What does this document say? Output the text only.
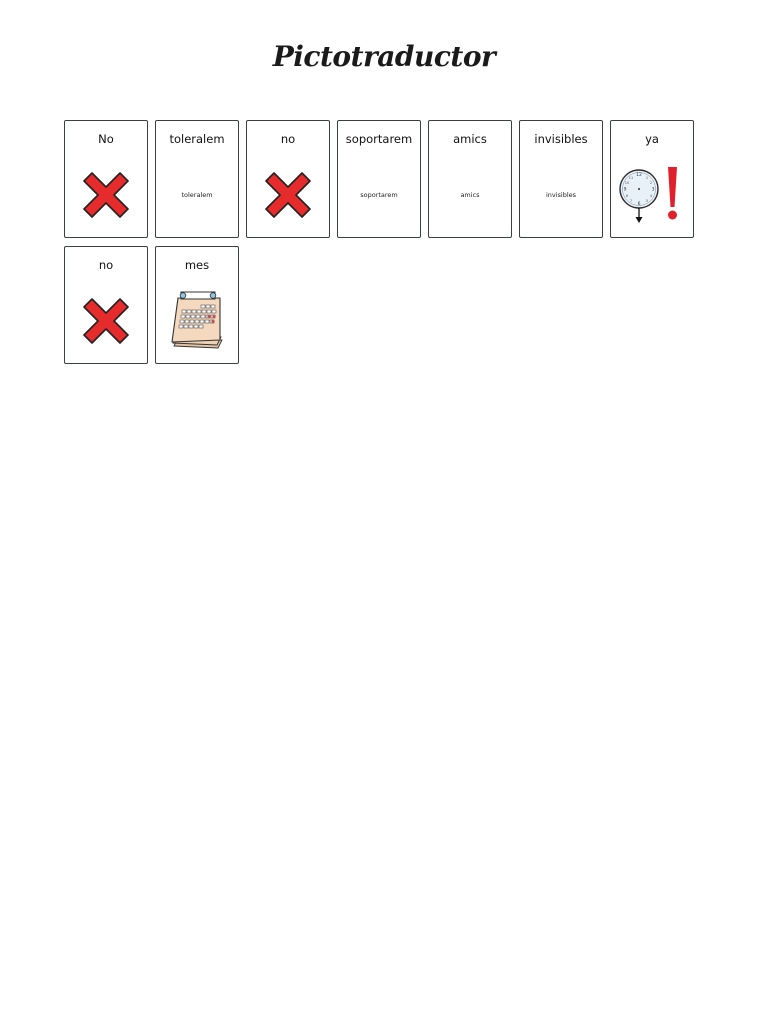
Pictotraductor
No	toleralem
toleralem
no	soportarem
soportarem
amics
amics
invisibles
invisibles
ya
12
3
6
9
1
2
4
5
7
8
10
11
no	mes
